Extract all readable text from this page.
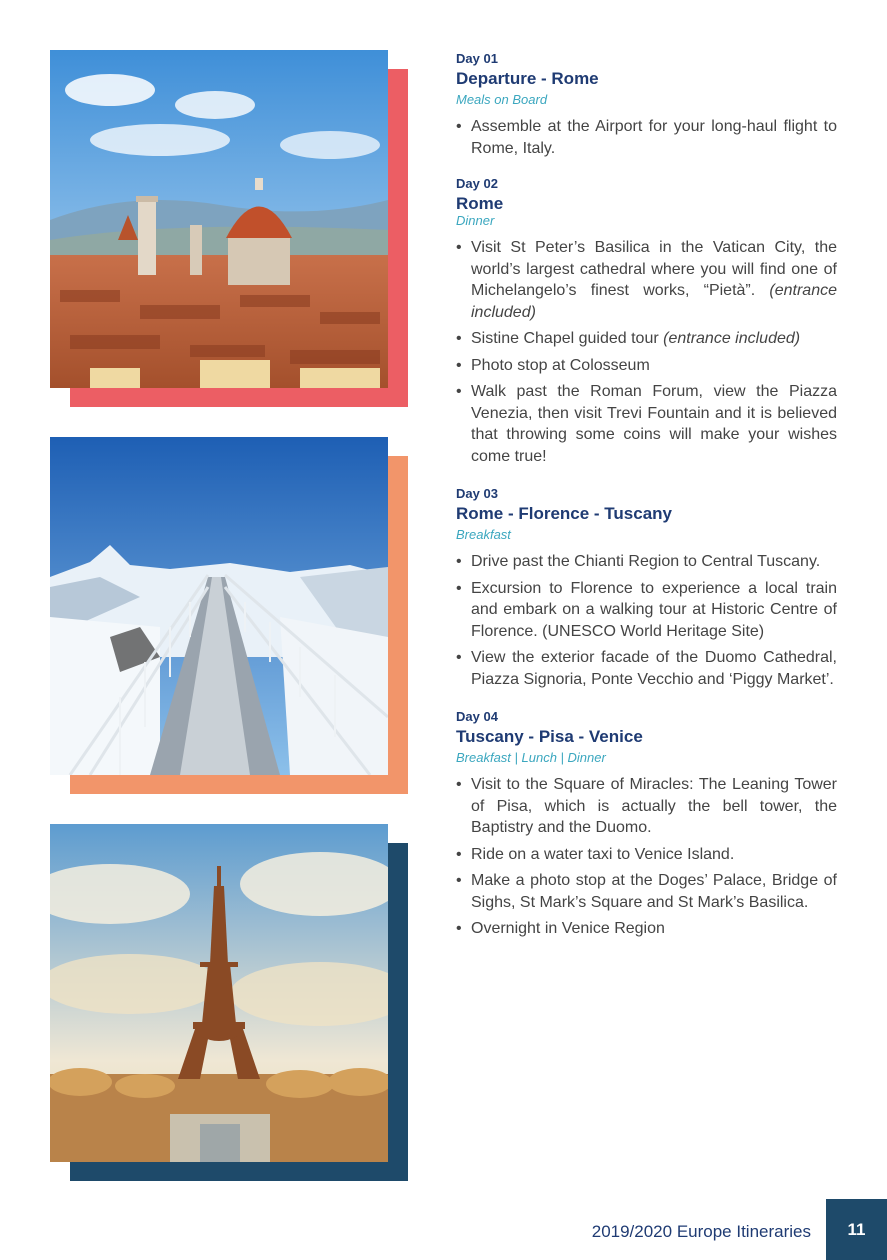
Day 01
Departure - Rome
Meals on Board
• Assemble at the Airport for your long-haul flight to Rome, Italy.
Day 02
Rome
Dinner
• Visit St Peter’s Basilica in the Vatican City, the world’s largest cathedral where you will find one of Michelangelo’s finest works, “Pietà”. (entrance included)
• Sistine Chapel guided tour (entrance included)
• Photo stop at Colosseum
• Walk past the Roman Forum, view the Piazza Venezia, then visit Trevi Fountain and it is believed that throwing some coins will make your wishes come true!
Day 03
Rome - Florence - Tuscany
Breakfast
• Drive past the Chianti Region to Central Tuscany.
• Excursion to Florence to experience a local train and embark on a walking tour at Historic Centre of Florence. (UNESCO World Heritage Site)
• View the exterior facade of the Duomo Cathedral, Piazza Signoria, Ponte Vecchio and ‘Piggy Market’.
Day 04
Tuscany - Pisa - Venice
Breakfast | Lunch | Dinner
• Visit to the Square of Miracles: The Leaning Tower of Pisa, which is actually the bell tower, the Baptistry and the Duomo.
• Ride on a water taxi to Venice Island.
• Make a photo stop at the Doges’ Palace, Bridge of Sighs, St Mark’s Square and St Mark’s Basilica.
• Overnight in Venice Region
2019/2020 Europe Itineraries	11
